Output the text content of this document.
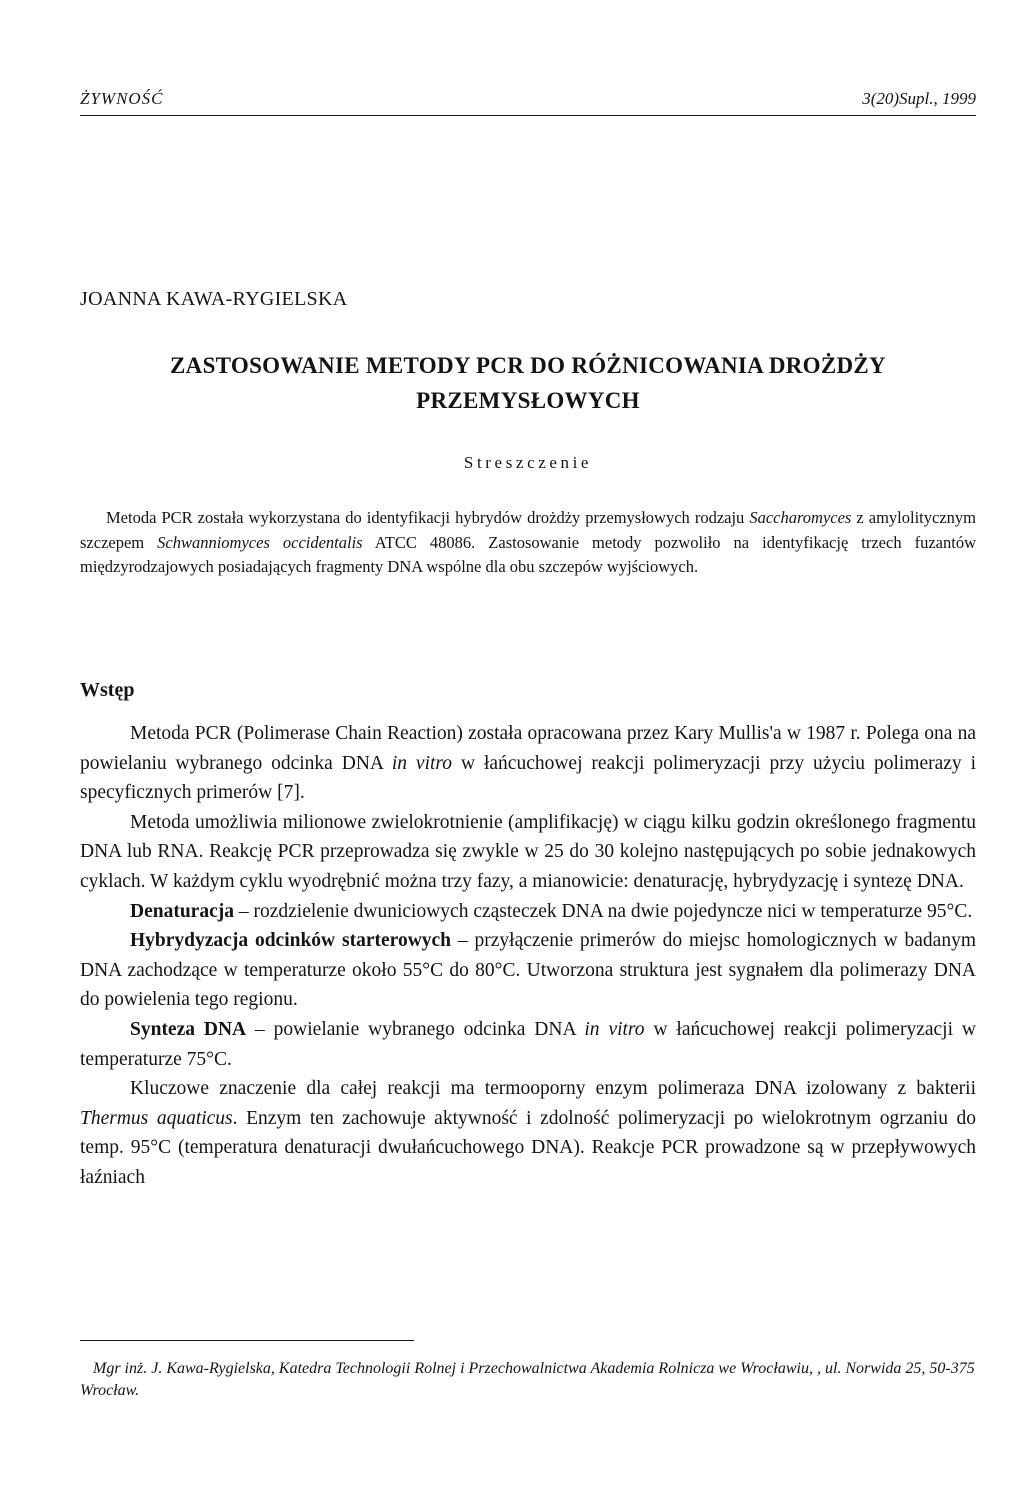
ŻYWNOŚĆ	3(20)Supl., 1999
JOANNA KAWA-RYGIELSKA
ZASTOSOWANIE METODY PCR DO RÓŻNICOWANIA DROŻDŻY
PRZEMYSŁOWYCH
Streszczenie
Metoda PCR została wykorzystana do identyfikacji hybrydów drożdży przemysłowych rodzaju Saccharomyces z amylolitycznym szczepem Schwanniomyces occidentalis ATCC 48086. Zastosowanie metody pozwoliło na identyfikację trzech fuzantów międzyrodzajowych posiadających fragmenty DNA wspólne dla obu szczepów wyjściowych.
Wstęp

Metoda PCR (Polimerase Chain Reaction) została opracowana przez Kary Mullis'a w 1987 r. Polega ona na powielaniu wybranego odcinka DNA in vitro w łańcuchowej reakcji polimeryzacji przy użyciu polimerazy i specyficznych primerów [7].

Metoda umożliwia milionowe zwielokrotnienie (amplifikację) w ciągu kilku godzin określonego fragmentu DNA lub RNA. Reakcję PCR przeprowadza się zwykle w 25 do 30 kolejno następujących po sobie jednakowych cyklach. W każdym cyklu wyodrębnić można trzy fazy, a mianowicie: denaturację, hybrydyzację i syntezę DNA.

Denaturacja – rozdzielenie dwuniciowych cząsteczek DNA na dwie pojedyncze nici w temperaturze 95°C.

Hybrydyzacja odcinków starterowych – przyłączenie primerów do miejsc homologicznych w badanym DNA zachodzące w temperaturze około 55°C do 80°C. Utworzona struktura jest sygnałem dla polimerazy DNA do powielenia tego regionu.

Synteza DNA – powielanie wybranego odcinka DNA in vitro w łańcuchowej reakcji polimeryzacji w temperaturze 75°C.

Kluczowe znaczenie dla całej reakcji ma termooporny enzym polimeraza DNA izolowany z bakterii Thermus aquaticus. Enzym ten zachowuje aktywność i zdolność polimeryzacji po wielokrotnym ogrzaniu do temp. 95°C (temperatura denaturacji dwułańcuchowego DNA). Reakcje PCR prowadzone są w przepływowych łaźniach

Mgr inż. J. Kawa-Rygielska, Katedra Technologii Rolnej i Przechowalnictwa Akademia Rolnicza we Wrocławiu, , ul. Norwida 25, 50-375 Wrocław.
